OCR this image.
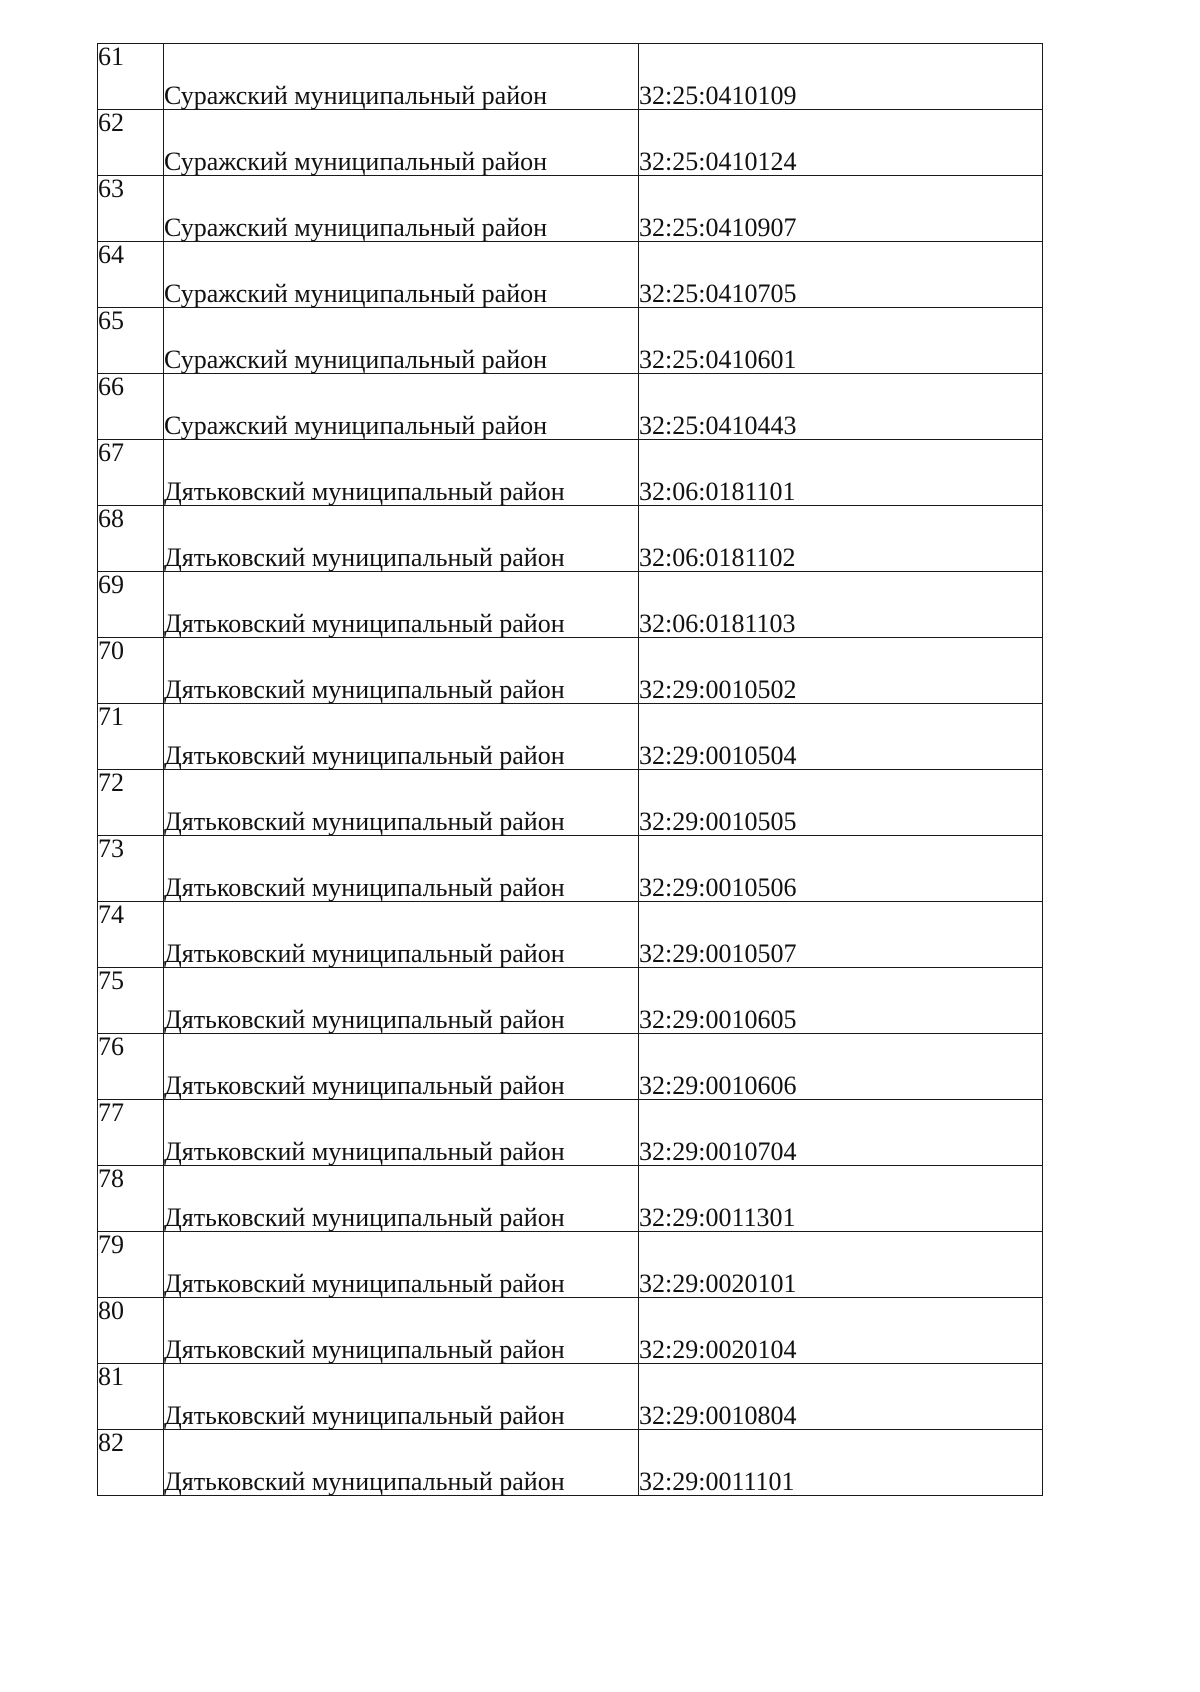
61	Суражский муниципальный район	32:25:0410109
62	Суражский муниципальный район	32:25:0410124
63	Суражский муниципальный район	32:25:0410907
64	Суражский муниципальный район	32:25:0410705
65	Суражский муниципальный район	32:25:0410601
66	Суражский муниципальный район	32:25:0410443
67	Дятьковский муниципальный район	32:06:0181101
68	Дятьковский муниципальный район	32:06:0181102
69	Дятьковский муниципальный район	32:06:0181103
70	Дятьковский муниципальный район	32:29:0010502
71	Дятьковский муниципальный район	32:29:0010504
72	Дятьковский муниципальный район	32:29:0010505
73	Дятьковский муниципальный район	32:29:0010506
74	Дятьковский муниципальный район	32:29:0010507
75	Дятьковский муниципальный район	32:29:0010605
76	Дятьковский муниципальный район	32:29:0010606
77	Дятьковский муниципальный район	32:29:0010704
78	Дятьковский муниципальный район	32:29:0011301
79	Дятьковский муниципальный район	32:29:0020101
80	Дятьковский муниципальный район	32:29:0020104
81	Дятьковский муниципальный район	32:29:0010804
82	Дятьковский муниципальный район	32:29:0011101
